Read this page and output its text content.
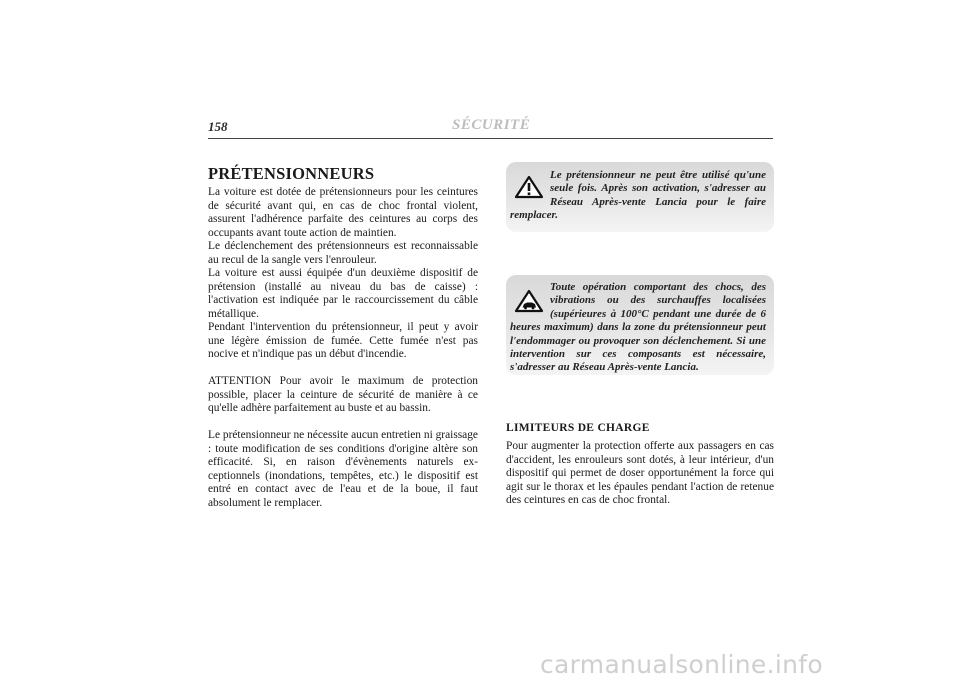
158	SÉCURITÉ
PRÉTENSIONNEURS

La voiture est dotée de prétensionneurs pour les ceintures de sécurité avant qui, en cas de choc frontal violent, assurent l'adhérence parfaite des ceintures au corps des occupants avant toute action de maintien.

Le déclenchement des prétensionneurs est reconnaissable au recul de la sangle vers l'enrouleur.

La voiture est aussi équipée d'un deuxième dispositif de prétension (installé au niveau du bas de caisse) : l'activation est indiquée par le raccourcissement du câble métallique.

Pendant l'intervention du prétensionneur, il peut y avoir une légère émission de fumée. Cette fumée n'est pas nocive et n'indique pas un début d'incendie.

ATTENTION Pour avoir le maximum de protection possible, placer la ceinture de sécurité de manière à ce qu'elle adhère parfaitement au buste et au bassin.

Le prétensionneur ne nécessite aucun entretien ni graissage : toute modification de ses conditions d'origine altère son efficacité. Si, en raison d'évènements naturels ex-ceptionnels (inondations, tempêtes, etc.) le dispositif est entré en contact avec de l'eau et de la boue, il faut absolument le remplacer.

Le prétensionneur ne peut être utilisé qu'une seule fois. Après son activation, s'adresser au Réseau Après-vente Lancia pour le faire remplacer.

Toute opération comportant des chocs, des vibrations ou des surchauffes localisées (supérieures à 100°C pendant une durée de 6 heures maximum) dans la zone du prétensionneur peut l'endommager ou provoquer son déclenchement. Si une intervention sur ces composants est nécessaire, s'adresser au Réseau Après-vente Lancia.

LIMITEURS DE CHARGE

Pour augmenter la protection offerte aux passagers en cas d'accident, les enrouleurs sont dotés, à leur intérieur, d'un dispositif qui permet de doser opportunément la force qui agit sur le thorax et les épaules pendant l'action de retenue des ceintures en cas de choc frontal.

carmanualsonline.info
